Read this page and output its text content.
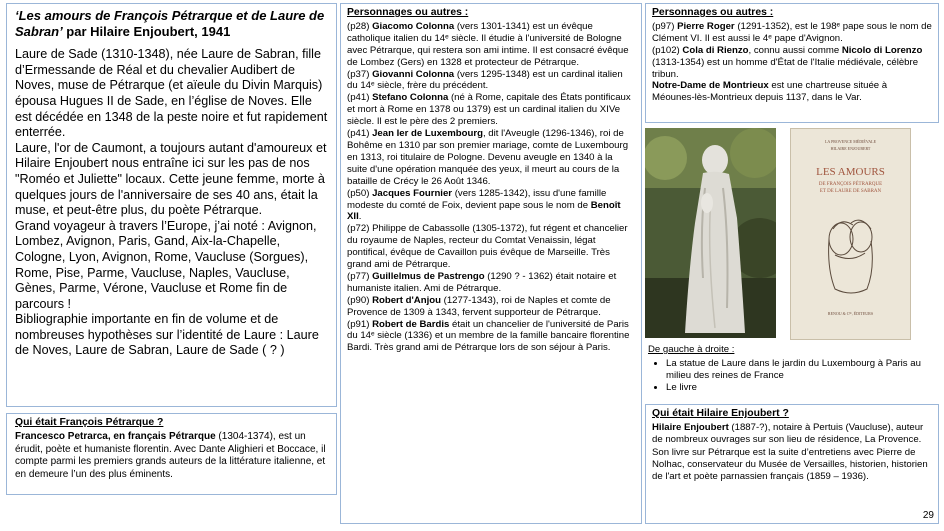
‘Les amours de François Pétrarque et de Laure de Sabran’ par Hilaire Enjoubert, 1941

Laure de Sade (1310-1348), née Laure de Sabran, fille d’Ermessande de Réal et du chevalier Audibert de Noves, muse de Pétrarque (et aïeule du Divin Marquis) épousa Hugues II de Sade, en l’église de Noves. Elle est décédée en 1348 de la peste noire et fut rapidement enterrée.

Laure, l'or de Caumont, a toujours autant d'amoureux et Hilaire Enjoubert nous entraîne ici sur les pas de nos "Roméo et Juliette" locaux. Cette jeune femme, morte à quelques jours de l'anniversaire de ses 40 ans, était la muse, et peut-être plus, du poète Pétrarque.

Grand voyageur à travers l’Europe, j’ai noté : Avignon, Lombez, Avignon, Paris, Gand, Aix-la-Chapelle, Cologne, Lyon, Avignon, Rome, Vaucluse (Sorgues), Rome, Pise, Parme, Vaucluse, Naples, Vaucluse, Gènes, Parme, Vérone, Vaucluse et Rome fin de parcours !

Bibliographie importante en fin de volume et de nombreuses hypothèses sur l’identité de Laure : Laure de Noves, Laure de Sabran, Laure de Sade ( ? )

Qui était François Pétrarque ?
Francesco Petrarca, en français Pétrarque (1304-1374), est un érudit, poète et humaniste florentin. Avec Dante Alighieri et Boccace, il compte parmi les premiers grands auteurs de la littérature italienne, et en demeure l’un des plus éminents.
Personnages ou autres :

(p28) Giacomo Colonna (vers 1301-1341) est un évêque catholique italien du 14ᵉ siècle. Il étudie à l'université de Bologne avec Pétrarque, qui restera son ami intime. Il est consacré évêque de Lombez (Gers) en 1328 et protecteur de Pétrarque.

(p37) Giovanni Colonna (vers 1295-1348) est un cardinal italien du 14ᵉ siècle, frère du précédent.

(p41) Stefano Colonna (né à Rome, capitale des États pontificaux et mort à Rome en 1378 ou 1379) est un cardinal italien du XIVe siècle. Il est le père des 2 premiers.

(p41) Jean Ier de Luxembourg, dit l'Aveugle (1296-1346), roi de Bohême en 1310 par son premier mariage, comte de Luxembourg en 1313, roi titulaire de Pologne. Devenu aveugle en 1340 à la suite d'une opération manquée des yeux, il meurt au cours de la bataille de Crécy le 26 Août 1346.

(p50) Jacques Fournier (vers 1285-1342), issu d'une famille modeste du comté de Foix, devient pape sous le nom de Benoît XII.

(p72) Philippe de Cabassolle (1305-1372), fut régent et chancelier du royaume de Naples, recteur du Comtat Venaissin, légat pontifical, évêque de Cavaillon puis évêque de Marseille. Très grand ami de Pétrarque.

(p77) Guillelmus de Pastrengo (1290 ? - 1362) était notaire et humaniste italien. Ami de Pétrarque.

(p90) Robert d'Anjou (1277-1343), roi de Naples et comte de Provence de 1309 à 1343, fervent supporteur de Pétrarque.

(p91) Robert de Bardis était un chancelier de l'université de Paris du 14ᵉ siècle (1336) et un membre de la famille bancaire florentine Bardi. Très grand ami de Pétrarque lors de son séjour à Paris.

Personnages ou autres :

(p97) Pierre Roger (1291-1352), est le 198ᵉ pape sous le nom de Clément VI. Il est aussi le 4ᵉ pape d'Avignon.

(p102) Cola di Rienzo, connu aussi comme Nicolo di Lorenzo (1313-1354) est un homme d'État de l'Italie médiévale, célèbre tribun.

Notre-Dame de Montrieux est une chartreuse située à Méounes-lès-Montrieux depuis 1137, dans le Var.

LA PROVENCE MÉDIÉVALE
HILAIRE ENJOUBERT
LES AMOURS
DE FRANÇOIS PÉTRARQUE
ET DE LAURE DE SABRAN
RENOU & Cᴵᴱ, ÉDITEURS
De gauche à droite :
• La statue de Laure dans le jardin du Luxembourg à Paris au milieu des reines de France
• Le livre
Qui était Hilaire Enjoubert ?

Hilaire Enjoubert (1887-?), notaire à Pertuis (Vaucluse), auteur de nombreux ouvrages sur son lieu de résidence, La Provence.

Son livre sur Pétrarque est la suite d’entretiens avec Pierre de Nolhac, conservateur du Musée de Versailles, historien, historien de l'art et poète parnassien français (1859 – 1936).

29
